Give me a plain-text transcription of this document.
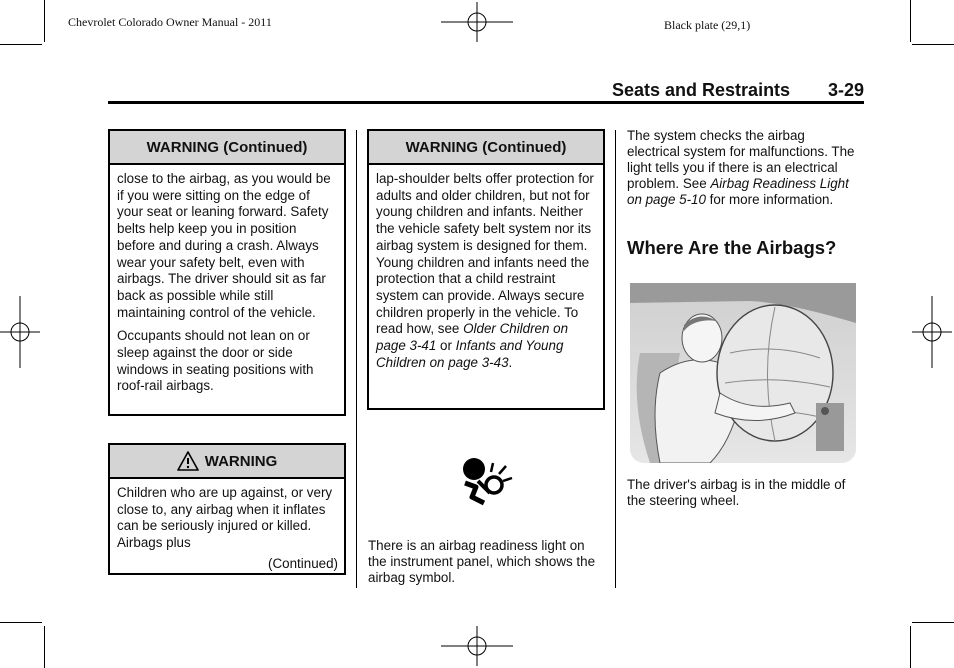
Chevrolet Colorado Owner Manual - 2011	Black plate (29,1)
Seats and Restraints 3-29
WARNING (Continued)

close to the airbag, as you would be if you were sitting on the edge of your seat or leaning forward. Safety belts help keep you in position before and during a crash. Always wear your safety belt, even with airbags. The driver should sit as far back as possible while still maintaining control of the vehicle.

Occupants should not lean on or sleep against the door or side windows in seating positions with roof-rail airbags.

WARNING
Children who are up against, or very close to, any airbag when it inflates can be seriously injured or killed. Airbags plus
(Continued)
WARNING (Continued)
lap-shoulder belts offer protection for adults and older children, but not for young children and infants. Neither the vehicle safety belt system nor its airbag system is designed for them. Young children and infants need the protection that a child restraint system can provide. Always secure children properly in the vehicle. To read how, see Older Children on page 3-41 or Infants and Young Children on page 3-43.
There is an airbag readiness light on the instrument panel, which shows the airbag symbol.
The system checks the airbag electrical system for malfunctions. The light tells you if there is an electrical problem. See Airbag Readiness Light on page 5-10 for more information.
Where Are the Airbags?
The driver's airbag is in the middle of the steering wheel.
